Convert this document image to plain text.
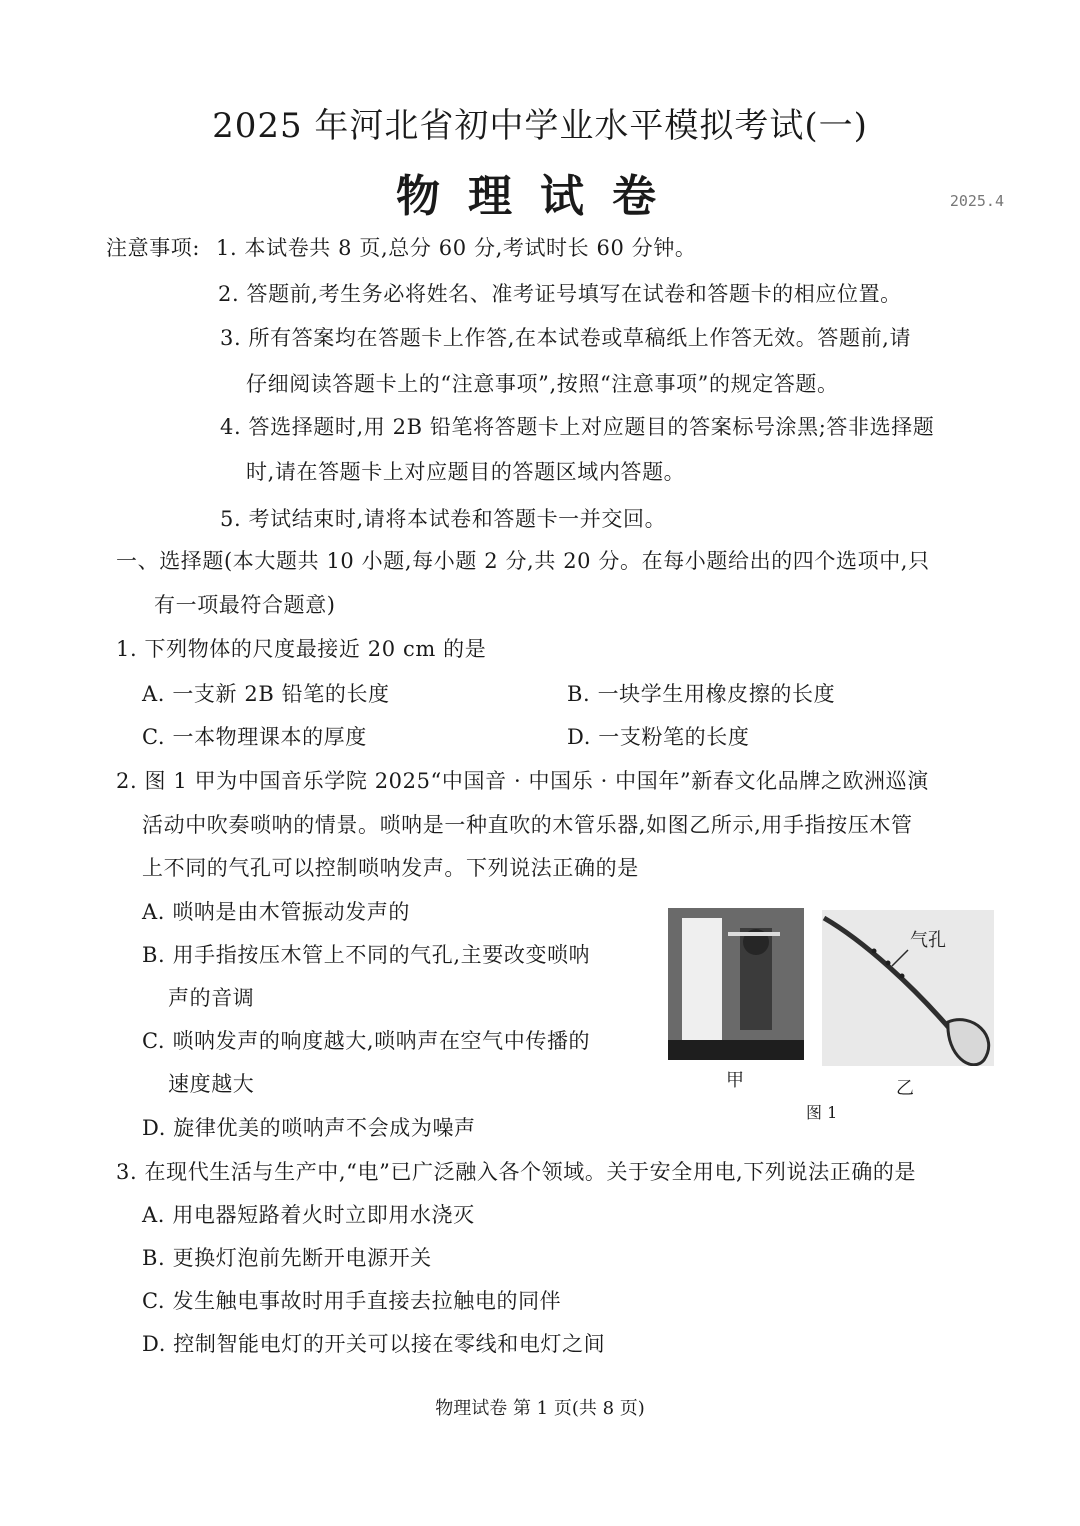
2025 年河北省初中学业水平模拟考试(一)
物理试卷	2025.4
注意事项: 1. 本试卷共 8 页,总分 60 分,考试时长 60 分钟。
2. 答题前,考生务必将姓名、准考证号填写在试卷和答题卡的相应位置。
3. 所有答案均在答题卡上作答,在本试卷或草稿纸上作答无效。答题前,请
仔细阅读答题卡上的“注意事项”,按照“注意事项”的规定答题。
4. 答选择题时,用 2B 铅笔将答题卡上对应题目的答案标号涂黑;答非选择题
时,请在答题卡上对应题目的答题区域内答题。
5. 考试结束时,请将本试卷和答题卡一并交回。
一、选择题(本大题共 10 小题,每小题 2 分,共 20 分。在每小题给出的四个选项中,只
有一项最符合题意)
1. 下列物体的尺度最接近 20 cm 的是
A. 一支新 2B 铅笔的长度	B. 一块学生用橡皮擦的长度
C. 一本物理课本的厚度	D. 一支粉笔的长度
2. 图 1 甲为中国音乐学院 2025“中国音 · 中国乐 · 中国年”新春文化品牌之欧洲巡演
活动中吹奏唢呐的情景。唢呐是一种直吹的木管乐器,如图乙所示,用手指按压木管
上不同的气孔可以控制唢呐发声。下列说法正确的是
A. 唢呐是由木管振动发声的
B. 用手指按压木管上不同的气孔,主要改变唢呐
声的音调
C. 唢呐发声的响度越大,唢呐声在空气中传播的
速度越大
D. 旋律优美的唢呐声不会成为噪声
气孔
甲	乙
图 1
3. 在现代生活与生产中,“电”已广泛融入各个领域。关于安全用电,下列说法正确的是
A. 用电器短路着火时立即用水浇灭
B. 更换灯泡前先断开电源开关
C. 发生触电事故时用手直接去拉触电的同伴
D. 控制智能电灯的开关可以接在零线和电灯之间
物理试卷 第 1 页(共 8 页)
